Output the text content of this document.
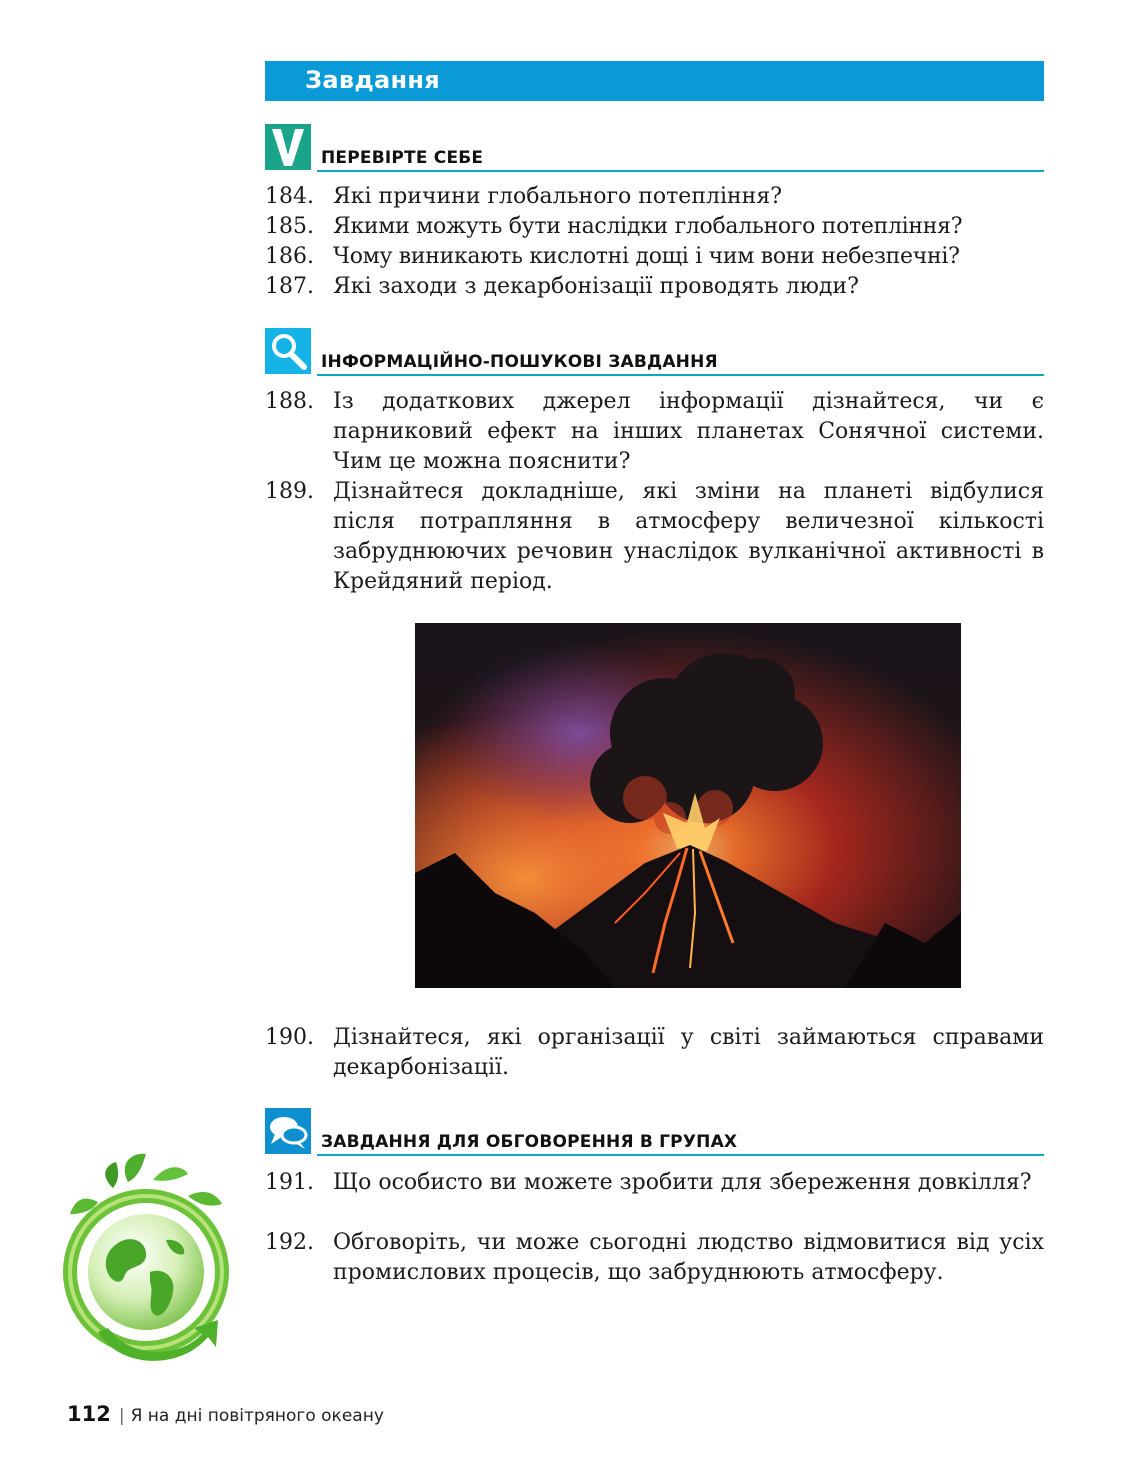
Завдання
ПЕРЕВІРТЕ СЕБЕ
184. Які причини глобального потепління?
185. Якими можуть бути наслідки глобального потепління?
186. Чому виникають кислотні дощі і чим вони небезпечні?
187. Які заходи з декарбонізації проводять люди?
ІНФОРМАЦІЙНО-ПОШУКОВІ ЗАВДАННЯ
188. Із додаткових джерел інформації дізнайтеся, чи є парниковий ефект на інших планетах Сонячної системи. Чим це можна пояснити?
189. Дізнайтеся докладніше, які зміни на планеті відбулися після потрапляння в атмосферу величезної кількості забруднюючих речовин унаслідок вулканічної активності в Крейдяний період.
190. Дізнайтеся, які організації у світі займаються справами декарбонізації.
ЗАВДАННЯ ДЛЯ ОБГОВОРЕННЯ В ГРУПАХ
191. Що особисто ви можете зробити для збереження довкілля?
192. Обговоріть, чи може сьогодні людство відмовитися від усіх промислових процесів, що забруднюють атмосферу.
112 | Я на дні повітряного океану
